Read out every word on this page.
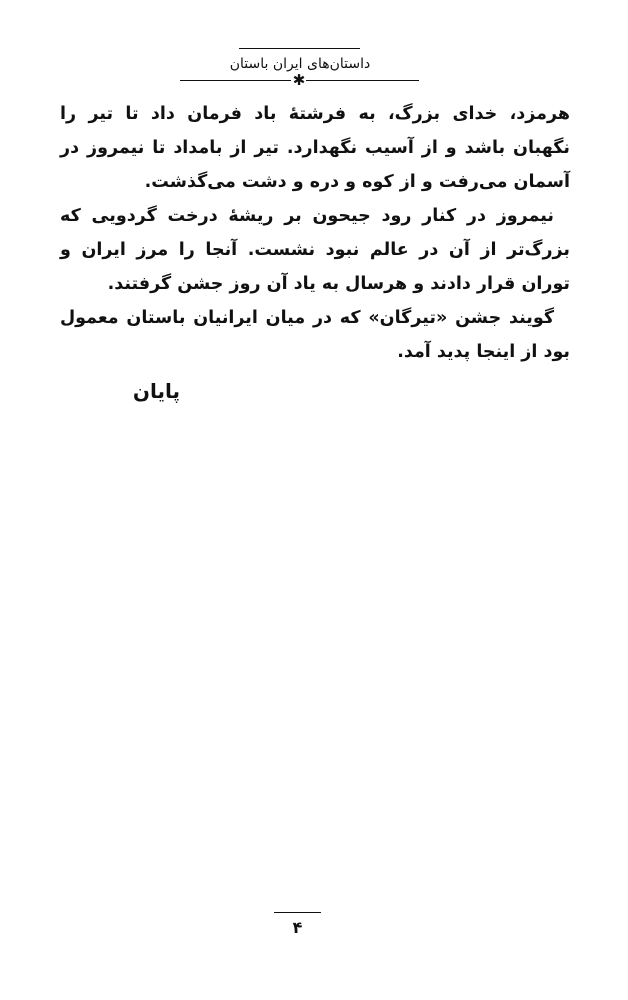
داستان‌های ایران باستان
✱

هرمزد، خدای بزرگ، به فرشتۀ باد فرمان داد تا تیر را نگهبان باشد و از آسیب نگهدارد. تیر از بامداد تا نیمروز در آسمان می‌رفت و از کوه و دره و دشت می‌گذشت.

نیمروز در کنار رود جیحون بر ریشۀ درخت گردویی که بزرگ‌تر از آن در عالم نبود نشست. آنجا را مرز ایران و توران قرار دادند و هرسال به یاد آن روز جشن گرفتند.

گویند جشن «تیرگان» که در میان ایرانیان باستان معمول بود از اینجا پدید آمد.

پایان
۴
